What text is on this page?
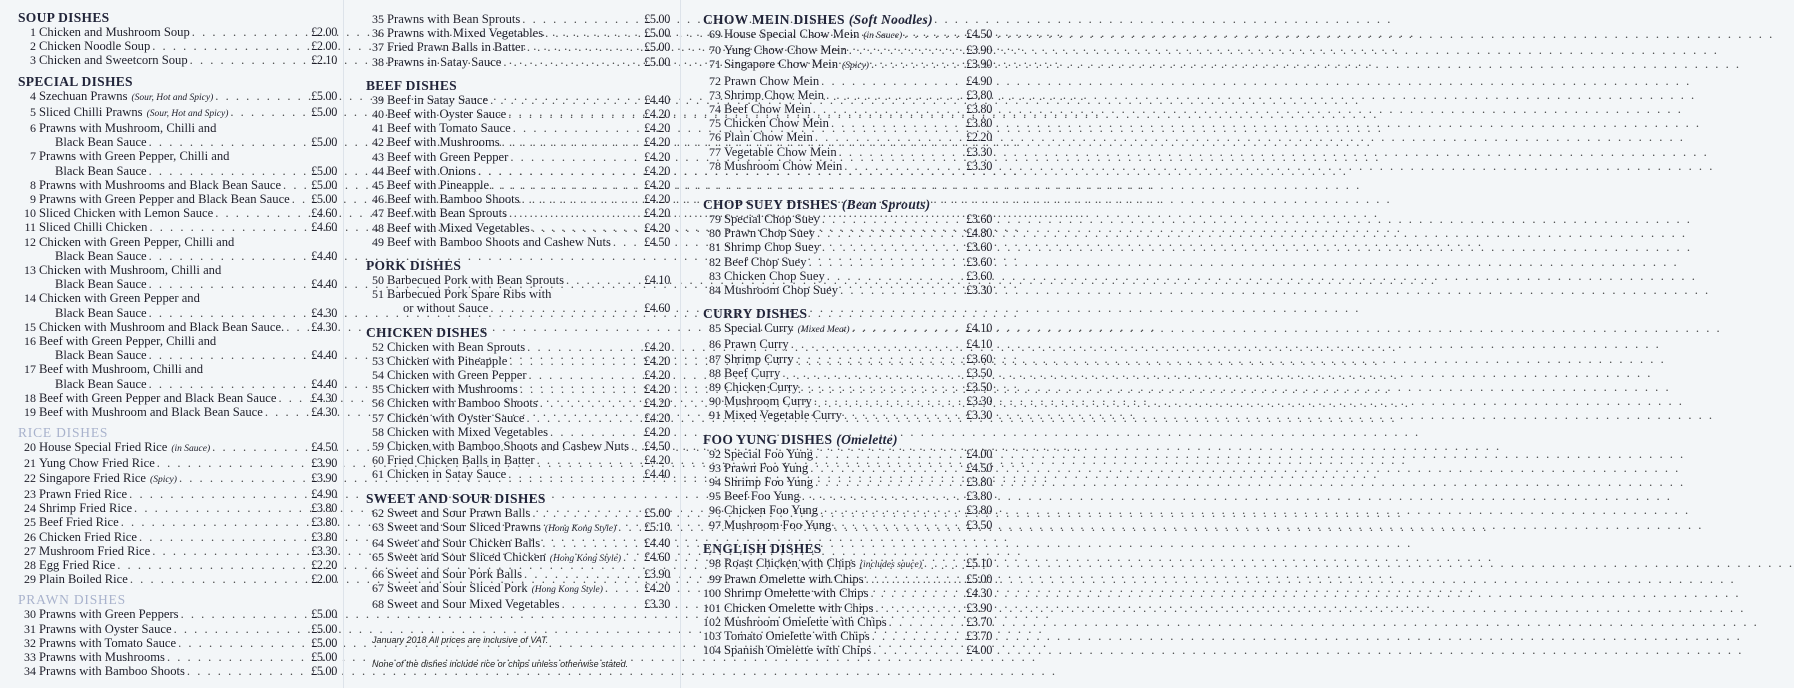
SOUP DISHES
1 Chicken and Mushroom Soup . . .	£2.00
2 Chicken Noodle Soup . . .	£2.00
3 Chicken and Sweetcorn Soup . . .	£2.10
SPECIAL DISHES
4 Szechuan Prawns (Sour, Hot and Spicy) . . .	£5.00
5 Sliced Chilli Prawns (Sour, Hot and Spicy) . . .	£5.00
6 Prawns with Mushroom, Chilli and
Black Bean Sauce . . .	£5.00
7 Prawns with Green Pepper, Chilli and
Black Bean Sauce . . .	£5.00
8 Prawns with Mushrooms and Black Bean Sauce . . . £5.00
9 Prawns with Green Pepper and Black Bean Sauce . . . £5.00
10 Sliced Chicken with Lemon Sauce . . .	£4.60
11 Sliced Chilli Chicken . . .	£4.60
12 Chicken with Green Pepper, Chilli and
Black Bean Sauce . . .	£4.40
13 Chicken with Mushroom, Chilli and
Black Bean Sauce . . .	£4.40
14 Chicken with Green Pepper and
Black Bean Sauce . . .	£4.30
15 Chicken with Mushroom and Black Bean Sauce. . . . £4.30
16 Beef with Green Pepper, Chilli and
Black Bean Sauce . . .	£4.40
17 Beef with Mushroom, Chilli and
Black Bean Sauce . . .	£4.40
18 Beef with Green Pepper and Black Bean Sauce . . .	£4.30
19 Beef with Mushroom and Black Bean Sauce . . .	£4.30
RICE DISHES
20 House Special Fried Rice (in Sauce) . . .	£4.50
21 Yung Chow Fried Rice . . .	£3.90
22 Singapore Fried Rice (Spicy) . . .	£3.90
23 Prawn Fried Rice . . .	£4.90
24 Shrimp Fried Rice . . .	£3.80
25 Beef Fried Rice . . .	£3.80
26 Chicken Fried Rice . . .	£3.80
27 Mushroom Fried Rice . . .	£3.30
28 Egg Fried Rice . . .	£2.20
29 Plain Boiled Rice . . .	£2.00
PRAWN DISHES
30 Prawns with Green Peppers . . .	£5.00
31 Prawns with Oyster Sauce . . .	£5.00
32 Prawns with Tomato Sauce . . .	£5.00
33 Prawns with Mushrooms . . .	£5.00
34 Prawns with Bamboo Shoots . . .	£5.00
35 Prawns with Bean Sprouts . . .	£5.00
36 Prawns with Mixed Vegetables . . .	£5.00
37 Fried Prawn Balls in Batter . . .	£5.00
38 Prawns in Satay Sauce . . .	£5.00
BEEF DISHES
39 Beef in Satay Sauce . . .	£4.40
40 Beef with Oyster Sauce . . .	£4.20
41 Beef with Tomato Sauce . . .	£4.20
42 Beef with Mushrooms . . .	£4.20
43 Beef with Green Pepper . . .	£4.20
44 Beef with Onions . . .	£4.20
45 Beef with Pineapple . . .	£4.20
46 Beef with Bamboo Shoots . . .	£4.20
47 Beef with Bean Sprouts . . .	£4.20
48 Beef with Mixed Vegetables . . .	£4.20
49 Beef with Bamboo Shoots and Cashew Nuts . . .	£4.50
PORK DISHES
50 Barbecued Pork with Bean Sprouts . . .	£4.10
51 Barbecued Pork Spare Ribs with
or without Sauce . . .	£4.60
CHICKEN DISHES
52 Chicken with Bean Sprouts . . .	£4.20
53 Chicken with Pineapple . . .	£4.20
54 Chicken with Green Pepper . . .	£4.20
55 Chicken with Mushrooms . . .	£4.20
56 Chicken with Bamboo Shoots . . .	£4.20
57 Chicken with Oyster Sauce . . .	£4.20
58 Chicken with Mixed Vegetables . . .	£4.20
59 Chicken with Bamboo Shoots and Cashew Nuts . . . £4.50
60 Fried Chicken Balls in Batter . . .	£4.20
61 Chicken in Satay Sauce . . .	£4.40
SWEET AND SOUR DISHES
62 Sweet and Sour Prawn Balls . . .	£5.00
63 Sweet and Sour Sliced Prawns (Hong Kong Style) . . . £5.10
64 Sweet and Sour Chicken Balls . . .	£4.40
65 Sweet and Sour Sliced Chicken (Hong Kong Style) . . . £4.60
66 Sweet and Sour Pork Balls . . .	£3.90
67 Sweet and Sour Sliced Pork (Hong Kong Style) . . .	£4.20
68 Sweet and Sour Mixed Vegetables . . .	£3.30
January 2018 All prices are inclusive of VAT.
None of the dishes include rice or chips unless otherwise stated.
CHOW MEIN DISHES (Soft Noodles)
69 House Special Chow Mein (in Sauce) . . .	£4.50
70 Yung Chow Chow Mein . . .	£3.90
71 Singapore Chow Mein (Spicy) . . .	£3.90
72 Prawn Chow Mein . . .	£4.90
73 Shrimp Chow Mein . . .	£3.80
74 Beef Chow Mein . . .	£3.80
75 Chicken Chow Mein . . .	£3.80
76 Plain Chow Mein . . .	£2.20
77 Vegetable Chow Mein . . .	£3.30
78 Mushroom Chow Mein . . .	£3.30
CHOP SUEY DISHES (Bean Sprouts)
79 Special Chop Suey . . .	£3.60
80 Prawn Chop Suey . . .	£4.80
81 Shrimp Chop Suey . . .	£3.60
82 Beef Chop Suey . . .	£3.60
83 Chicken Chop Suey . . .	£3.60
84 Mushroom Chop Suey . . .	£3.30
CURRY DISHES
85 Special Curry (Mixed Meat) . . .	£4.10
86 Prawn Curry . . .	£4.10
87 Shrimp Curry . . .	£3.60
88 Beef Curry . . .	£3.50
89 Chicken Curry . . .	£3.50
90 Mushroom Curry . . .	£3.30
91 Mixed Vegetable Curry . . .	£3.30
FOO YUNG DISHES (Omelette)
92 Special Foo Yung . . .	£4.00
93 Prawn Foo Yung . . .	£4.50
94 Shrimp Foo Yung . . .	£3.80
95 Beef Foo Yung . . .	£3.80
96 Chicken Foo Yung . . .	£3.80
97 Mushroom Foo Yung . . .	£3.50
ENGLISH DISHES
98 Roast Chicken with Chips (includes sauce) . . .	£5.10
99 Prawn Omelette with Chips . . .	£5.00
100 Shrimp Omelette with Chips . . .	£4.30
101 Chicken Omelette with Chips . . .	£3.90
102 Mushroom Omelette with Chips . . .	£3.70
103 Tomato Omelette with Chips . . .	£3.70
104 Spanish Omelette with Chips . . .	£4.00
